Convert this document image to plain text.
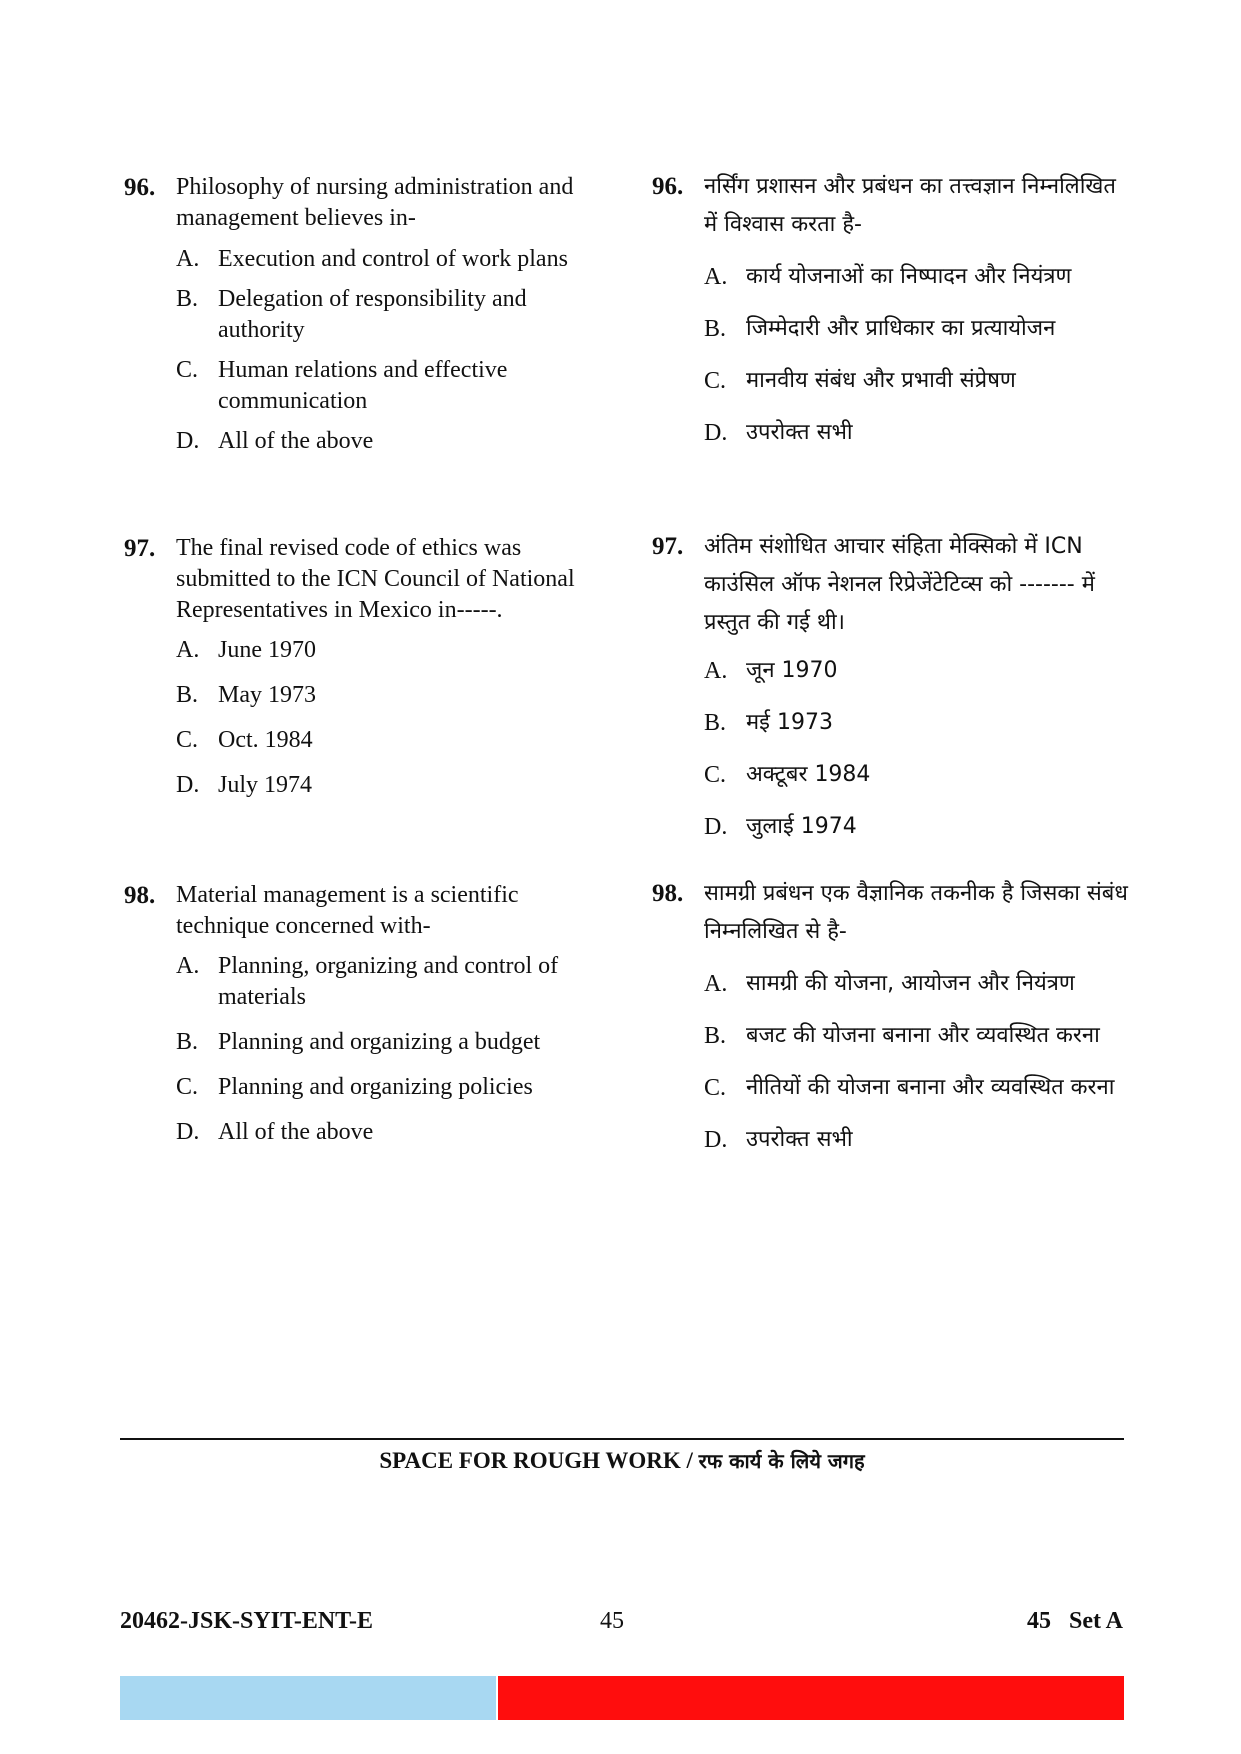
96. Philosophy of nursing administration and management believes in-
A. Execution and control of work plans
B. Delegation of responsibility and authority
C. Human relations and effective communication
D. All of the above
97. The final revised code of ethics was submitted to the ICN Council of National Representatives in Mexico in-----.
A. June 1970
B. May 1973
C. Oct. 1984
D. July 1974
98. Material management is a scientific technique concerned with-
A. Planning, organizing and control of materials
B. Planning and organizing a budget
C. Planning and organizing policies
D. All of the above
96. नर्सिंग प्रशासन और प्रबंधन का तत्त्वज्ञान निम्नलिखित में विश्वास करता है-
A. कार्य योजनाओं का निष्पादन और नियंत्रण
B. जिम्मेदारी और प्राधिकार का प्रत्यायोजन
C. मानवीय संबंध और प्रभावी संप्रेषण
D. उपरोक्त सभी
97. अंतिम संशोधित आचार संहिता मेक्सिको में ICN काउंसिल ऑफ नेशनल रिप्रेजेंटेटिव्स को ------- में प्रस्तुत की गई थी।
A. जून 1970
B. मई 1973
C. अक्टूबर 1984
D. जुलाई 1974
98. सामग्री प्रबंधन एक वैज्ञानिक तकनीक है जिसका संबंध निम्नलिखित से है-
A. सामग्री की योजना, आयोजन और नियंत्रण
B. बजट की योजना बनाना और व्यवस्थित करना
C. नीतियों की योजना बनाना और व्यवस्थित करना
D. उपरोक्त सभी
SPACE FOR ROUGH WORK / रफ कार्य के लिये जगह
20462-JSK-SYIT-ENT-E	45	45   Set A
